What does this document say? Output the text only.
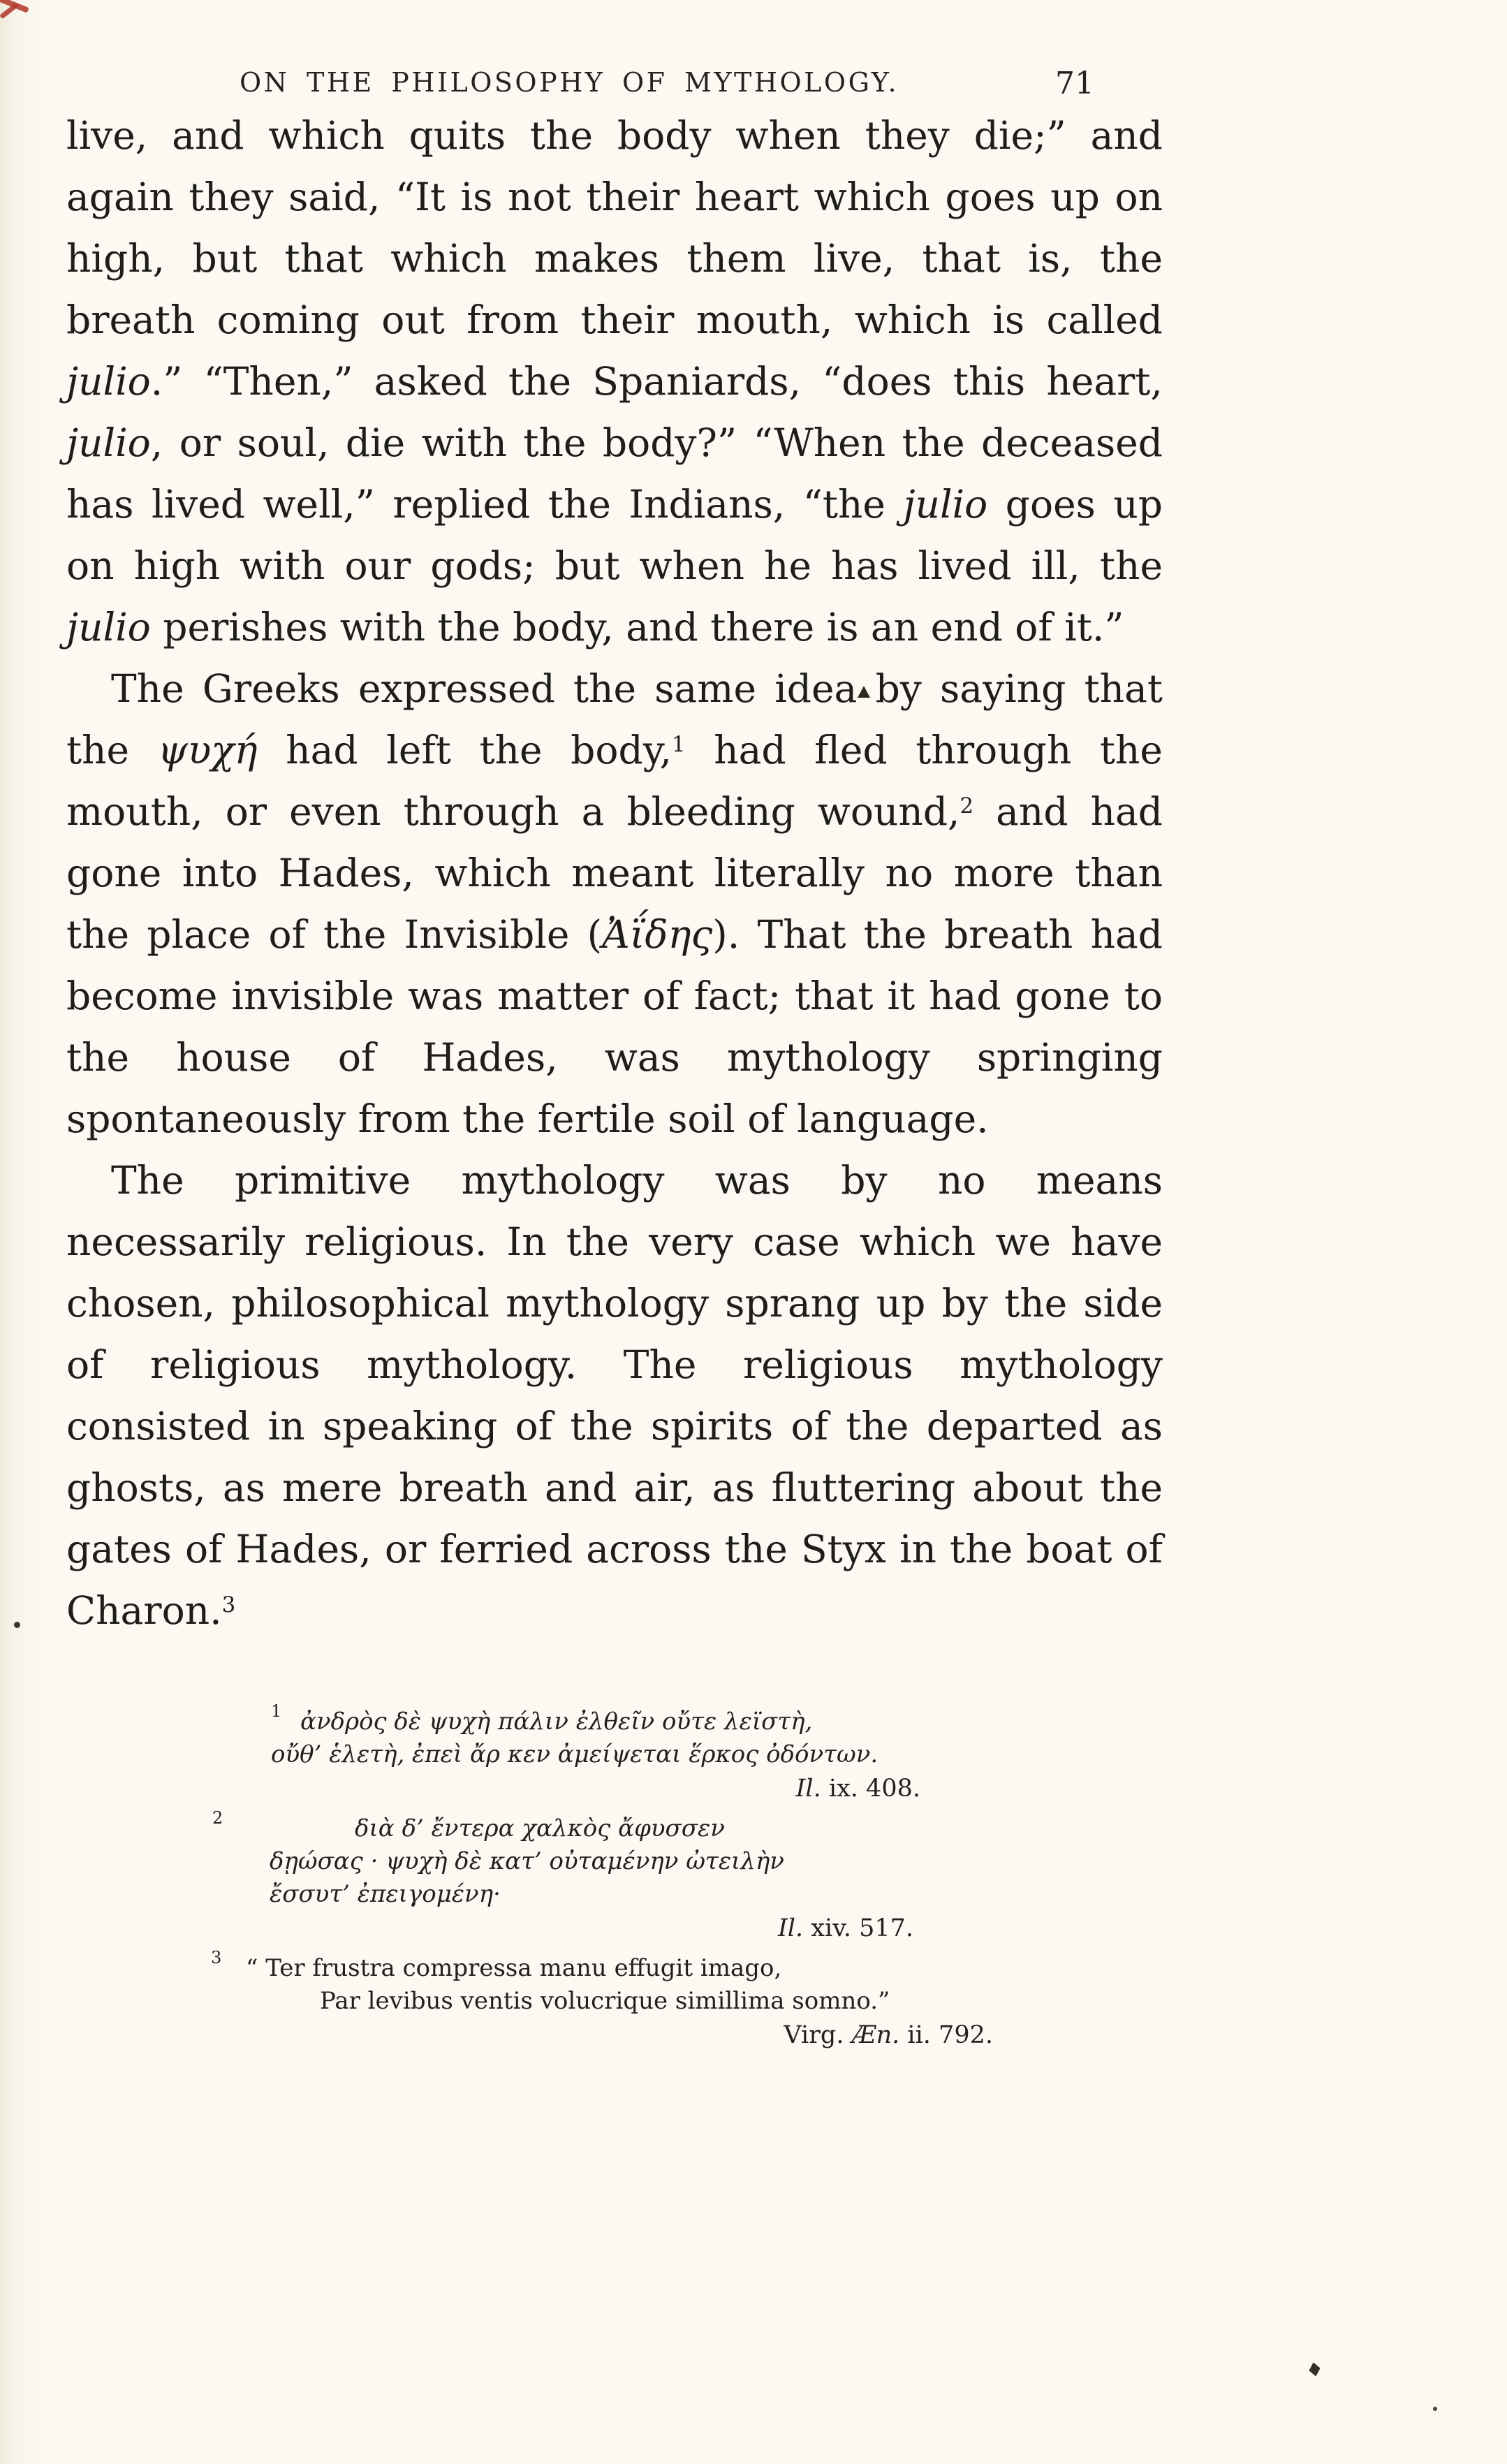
ON THE PHILOSOPHY OF MYTHOLOGY.	71

live, and which quits the body when they die;” and again they said, “It is not their heart which goes up on high, but that which makes them live, that is, the breath coming out from their mouth, which is called julio.” “Then,” asked the Spaniards, “does this heart, julio, or soul, die with the body?” “When the deceased has lived well,” replied the Indians, “the julio goes up on high with our gods; but when he has lived ill, the julio perishes with the body, and there is an end of it.”

The Greeks expressed the same idea by saying that the ψυχή had left the body,$^1$ had fled through the mouth, or even through a bleeding wound,$^2$ and had gone into Hades, which meant literally no more than the place of the Invisible (Ἀΐδης). That the breath had become invisible was matter of fact; that it had gone to the house of Hades, was mythology springing spontaneously from the fertile soil of language.

The primitive mythology was by no means necessarily religious. In the very case which we have chosen, philosophical mythology sprang up by the side of religious mythology. The religious mythology consisted in speaking of the spirits of the departed as ghosts, as mere breath and air, as fluttering about the gates of Hades, or ferried across the Styx in the boat of Charon.$^3$

1 ἀνδρὸς δὲ ψυχὴ πάλιν ἐλθεῖν οὔτε λεϊστὴ,
οὔθ’ ἑλετὴ, ἐπεὶ ἄρ κεν ἀμείψεται ἕρκος ὀδόντων.
Il. ix. 408.
2	διὰ δ’ ἔντερα χαλκὸς ἄφυσσεν
δῃώσας · ψυχὴ δὲ κατ’ οὐταμένην ὠτειλὴν
ἔσσυτ’ ἐπειγομένη·
Il. xiv. 517.
3 “ Ter frustra compressa manu effugit imago,
Par levibus ventis volucrique simillima somno.”
Virg. Æn. ii. 792.
